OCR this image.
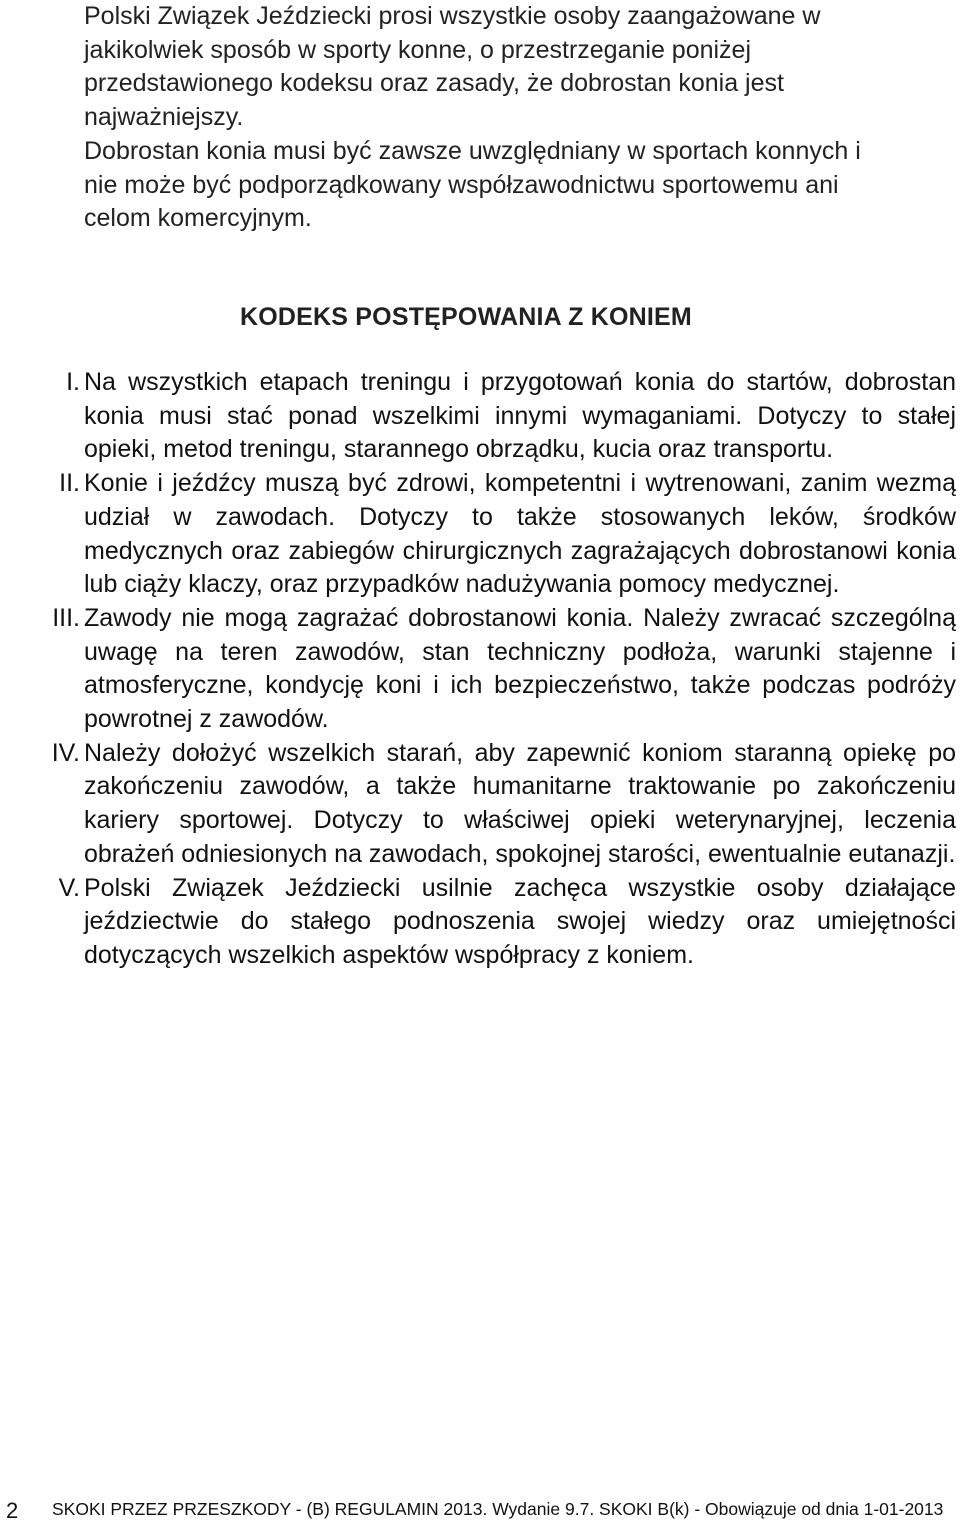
Polski Związek Jeździecki prosi wszystkie osoby zaangażowane w jakikolwiek sposób w sporty konne, o przestrzeganie poniżej przedstawionego kodeksu oraz zasady, że dobrostan konia jest najważniejszy.

Dobrostan konia musi być zawsze uwzględniany w sportach konnych i nie może być podporządkowany współzawodnictwu sportowemu ani celom komercyjnym.

KODEKS POSTĘPOWANIA Z KONIEM
I. Na wszystkich etapach treningu i przygotowań konia do startów, dobrostan konia musi stać ponad wszelkimi innymi wymaganiami. Dotyczy to stałej opieki, metod treningu, starannego obrządku, kucia oraz transportu.
II. Konie i jeźdźcy muszą być zdrowi, kompetentni i wytrenowani, zanim wezmą udział w zawodach. Dotyczy to także stosowanych leków, środków medycznych oraz zabiegów chirurgicznych zagrażających dobrostanowi konia lub ciąży klaczy, oraz przypadków nadużywania pomocy medycznej.
III. Zawody nie mogą zagrażać dobrostanowi konia. Należy zwracać szczególną uwagę na teren zawodów, stan techniczny podłoża, warunki stajenne i atmosferyczne, kondycję koni i ich bezpieczeństwo, także podczas podróży powrotnej z zawodów.
IV. Należy dołożyć wszelkich starań, aby zapewnić koniom staranną opiekę po zakończeniu zawodów, a także humanitarne traktowanie po zakończeniu kariery sportowej. Dotyczy to właściwej opieki weterynaryjnej, leczenia obrażeń odniesionych na zawodach, spokojnej starości, ewentualnie eutanazji.
V. Polski Związek Jeździecki usilnie zachęca wszystkie osoby działające jeździectwie do stałego podnoszenia swojej wiedzy oraz umiejętności dotyczących wszelkich aspektów współpracy z koniem.
2 SKOKI PRZEZ PRZESZKODY - (B) REGULAMIN 2013. Wydanie 9.7. SKOKI B(k) - Obowiązuje od dnia 1-01-2013
